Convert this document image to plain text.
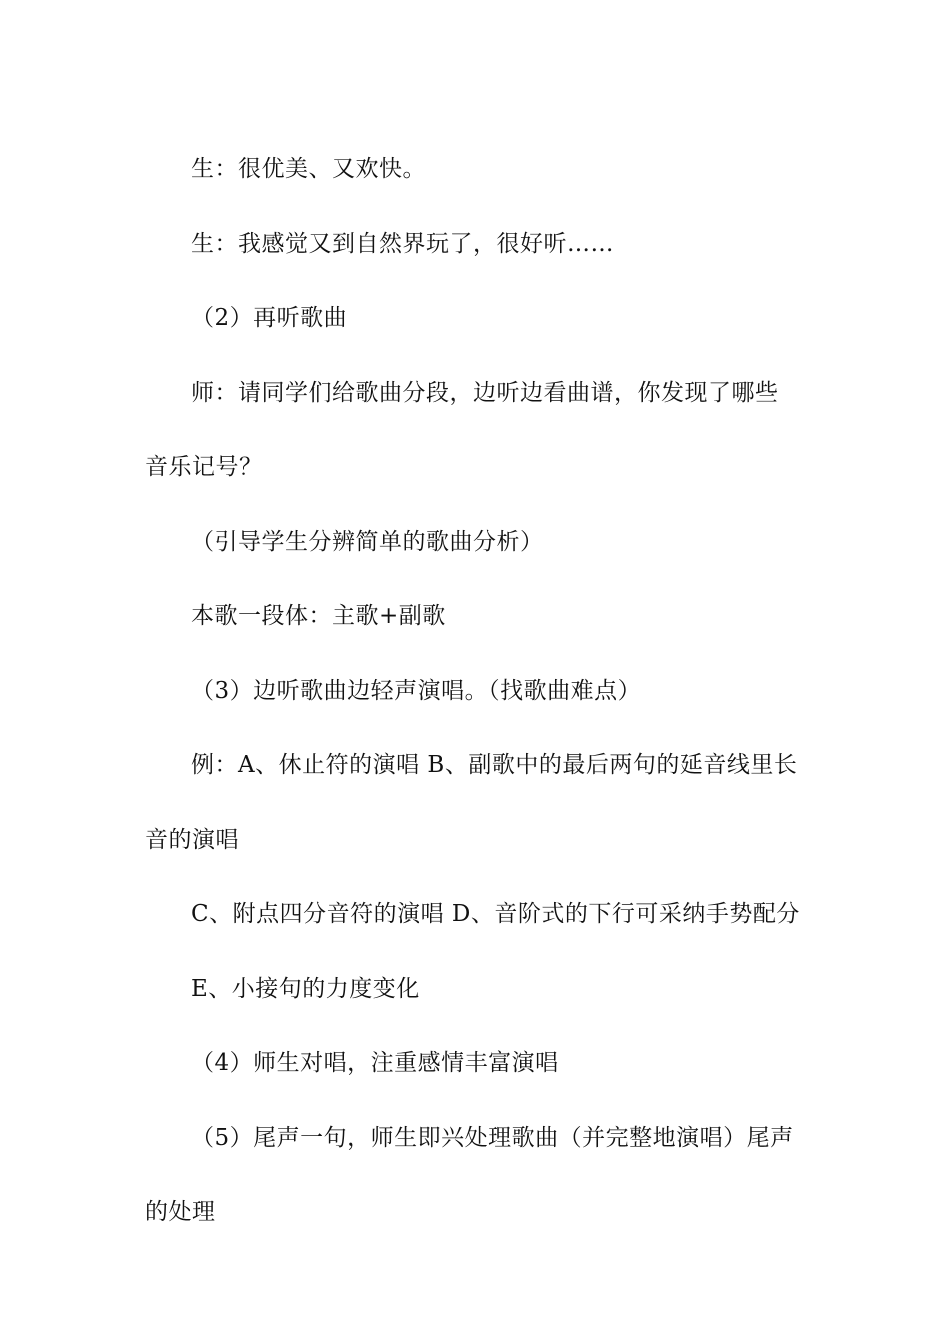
生：很优美、又欢快。
生：我感觉又到自然界玩了，很好听……
（2）再听歌曲
师：请同学们给歌曲分段，边听边看曲谱，你发现了哪些
音乐记号？
（引导学生分辨简单的歌曲分析）
本歌一段体：主歌+副歌
（3）边听歌曲边轻声演唱。（找歌曲难点）
例：A、休止符的演唱 B、副歌中的最后两句的延音线里长
音的演唱
C、附点四分音符的演唱 D、音阶式的下行可采纳手势配分
E、小接句的力度变化
（4）师生对唱，注重感情丰富演唱
（5）尾声一句，师生即兴处理歌曲（并完整地演唱）尾声
的处理
